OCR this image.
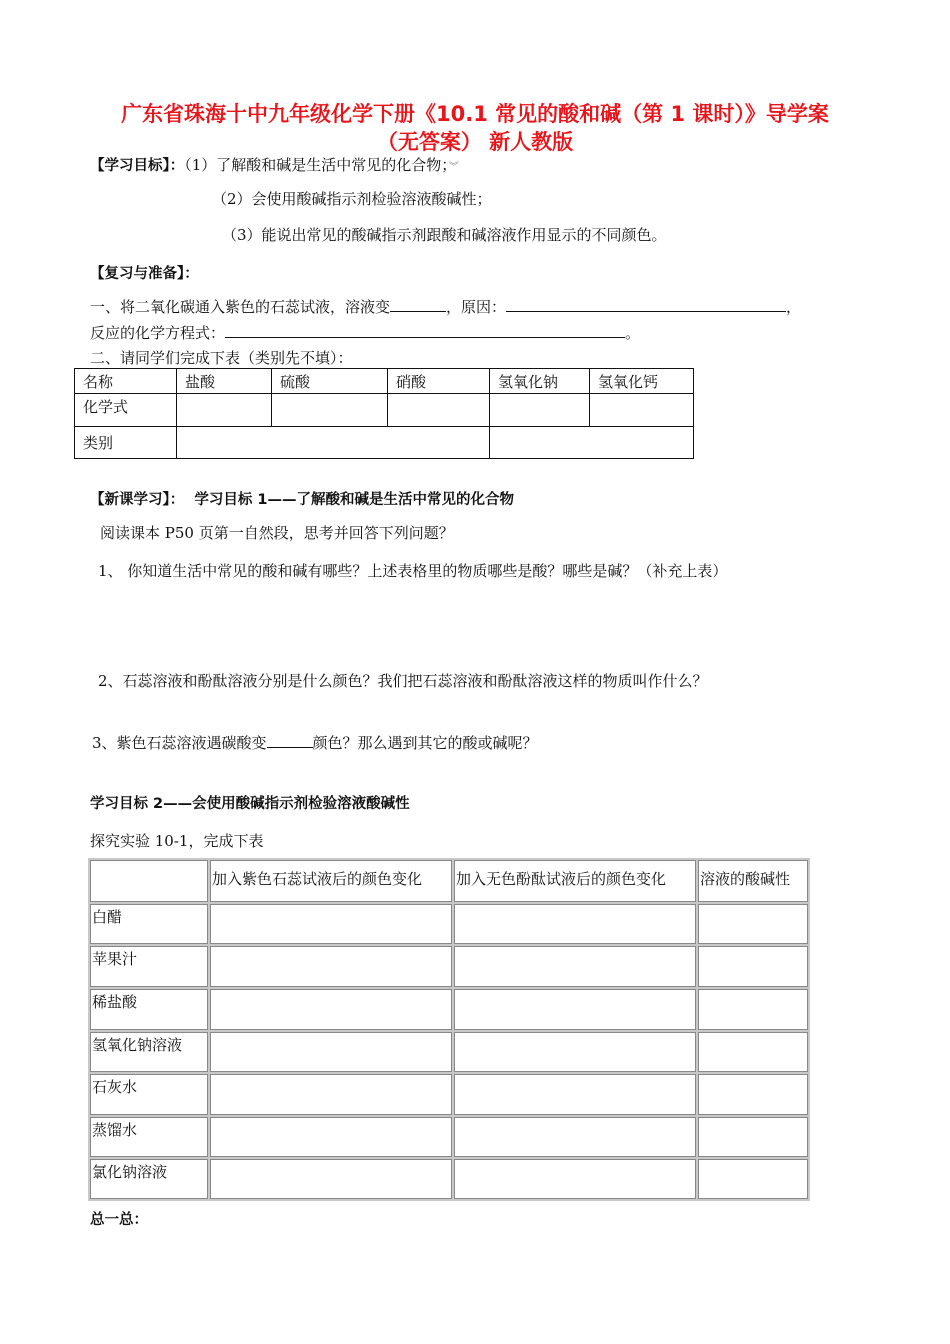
广东省珠海十中九年级化学下册《10.1 常见的酸和碱（第 1 课时）》导学案
（无答案） 新人教版
【学习目标】：（1）了解酸和碱是生活中常见的化合物；︾
（2）会使用酸碱指示剂检验溶液酸碱性；
（3）能说出常见的酸碱指示剂跟酸和碱溶液作用显示的不同颜色。
【复习与准备】：
一、将二氧化碳通入紫色的石蕊试液，溶液变	，原因：	，
反应的化学方程式：	。
二、请同学们完成下表（类别先不填）：
名称	盐酸	硫酸	硝酸	氢氧化钠	氢氧化钙
化学式					
类别					
【新课学习】： 学习目标 1——了解酸和碱是生活中常见的化合物
阅读课本 P50 页第一自然段，思考并回答下列问题？
1、 你知道生活中常见的酸和碱有哪些？上述表格里的物质哪些是酸？哪些是碱？（补充上表）
2、石蕊溶液和酚酞溶液分别是什么颜色？我们把石蕊溶液和酚酞溶液这样的物质叫作什么？
3、紫色石蕊溶液遇碳酸变	颜色？那么遇到其它的酸或碱呢？
学习目标 2——会使用酸碱指示剂检验溶液酸碱性
探究实验 10-1，完成下表
	加入紫色石蕊试液后的颜色变化	加入无色酚酞试液后的颜色变化	溶液的酸碱性
白醋			
苹果汁			
稀盐酸			
氢氧化钠溶液			
石灰水			
蒸馏水			
氯化钠溶液			
总一总：
